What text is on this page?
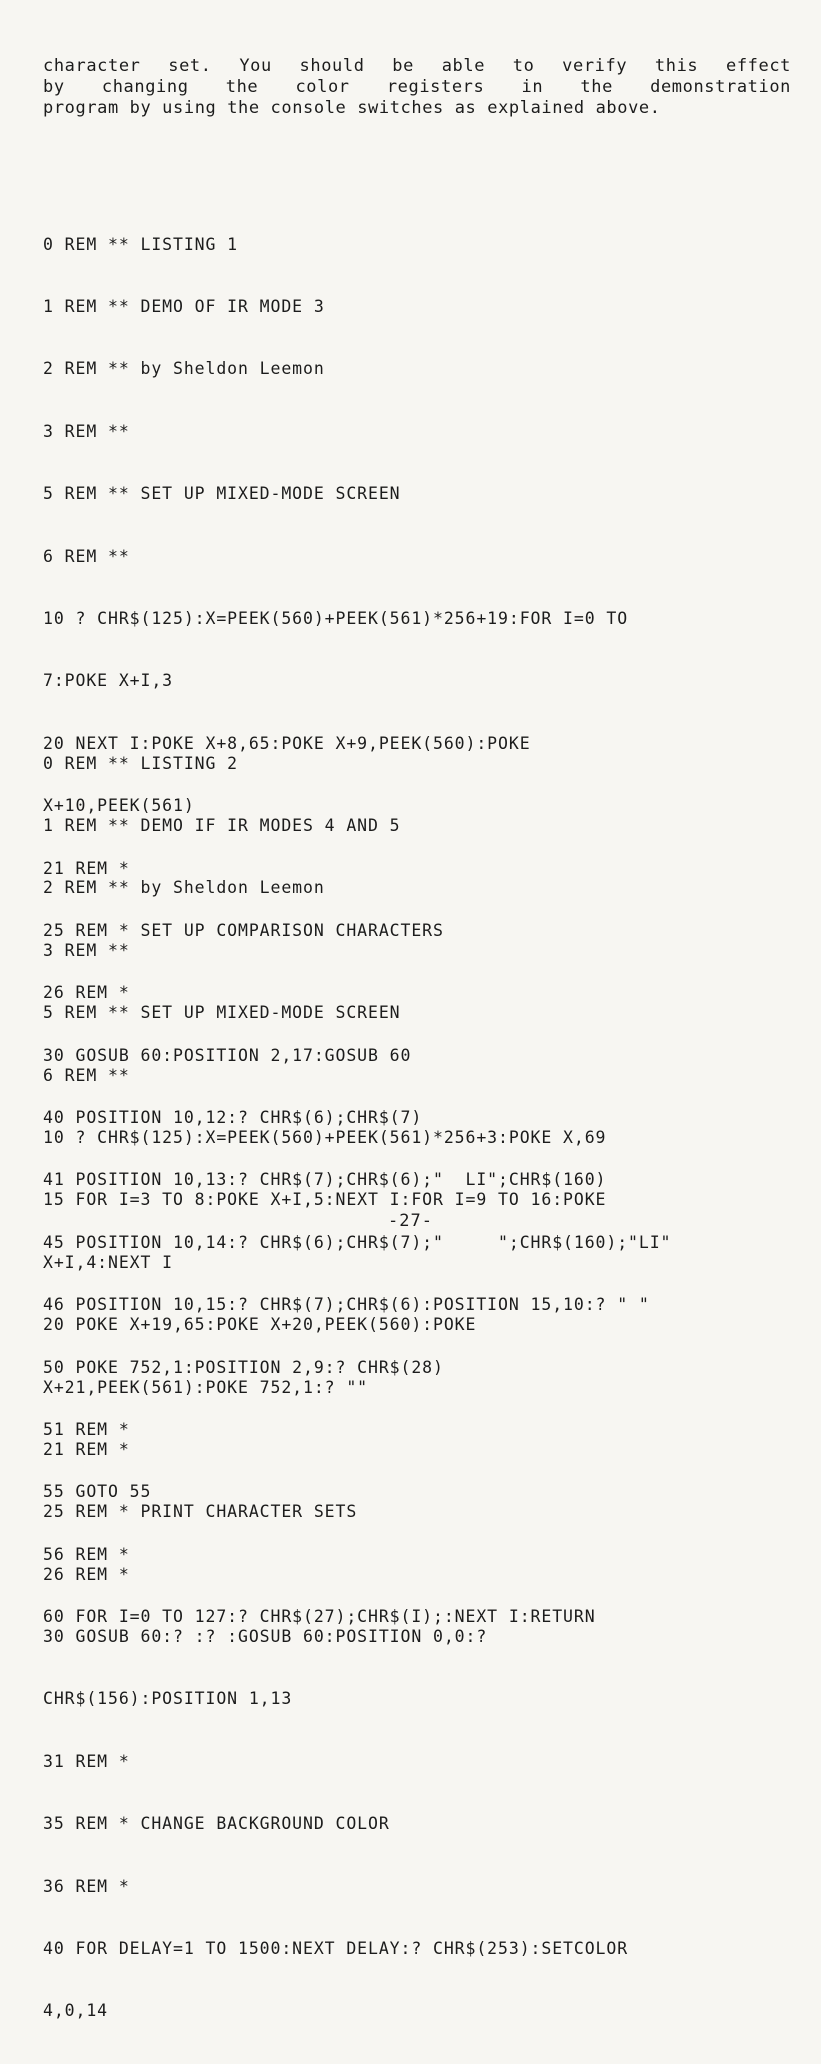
character set. You should be able to verify this effect
by changing the color registers in the demonstration
program by using the console switches as explained above.

0 REM ** LISTING 1

1 REM ** DEMO OF IR MODE 3

2 REM ** by Sheldon Leemon

3 REM **

5 REM ** SET UP MIXED-MODE SCREEN

6 REM **

10 ? CHR$(125):X=PEEK(560)+PEEK(561)*256+19:FOR I=0 TO

7:POKE X+I,3

20 NEXT I:POKE X+8,65:POKE X+9,PEEK(560):POKE

X+10,PEEK(561)

21 REM *

25 REM * SET UP COMPARISON CHARACTERS

26 REM *

30 GOSUB 60:POSITION 2,17:GOSUB 60

40 POSITION 10,12:? CHR$(6);CHR$(7)

41 POSITION 10,13:? CHR$(7);CHR$(6);"  LI";CHR$(160)

45 POSITION 10,14:? CHR$(6);CHR$(7);"     ";CHR$(160);"LI"

46 POSITION 10,15:? CHR$(7);CHR$(6):POSITION 15,10:? " "

50 POKE 752,1:POSITION 2,9:? CHR$(28)

51 REM *

55 GOTO 55

56 REM *

60 FOR I=0 TO 127:? CHR$(27);CHR$(I);:NEXT I:RETURN

0 REM ** LISTING 2

1 REM ** DEMO IF IR MODES 4 AND 5

2 REM ** by Sheldon Leemon

3 REM **

5 REM ** SET UP MIXED-MODE SCREEN

6 REM **

10 ? CHR$(125):X=PEEK(560)+PEEK(561)*256+3:POKE X,69

15 FOR I=3 TO 8:POKE X+I,5:NEXT I:FOR I=9 TO 16:POKE

X+I,4:NEXT I

20 POKE X+19,65:POKE X+20,PEEK(560):POKE

X+21,PEEK(561):POKE 752,1:? ""

21 REM *

25 REM * PRINT CHARACTER SETS

26 REM *

30 GOSUB 60:? :? :GOSUB 60:POSITION 0,0:?

CHR$(156):POSITION 1,13

31 REM *

35 REM * CHANGE BACKGROUND COLOR

36 REM *

40 FOR DELAY=1 TO 1500:NEXT DELAY:? CHR$(253):SETCOLOR

4,0,14

-27-
